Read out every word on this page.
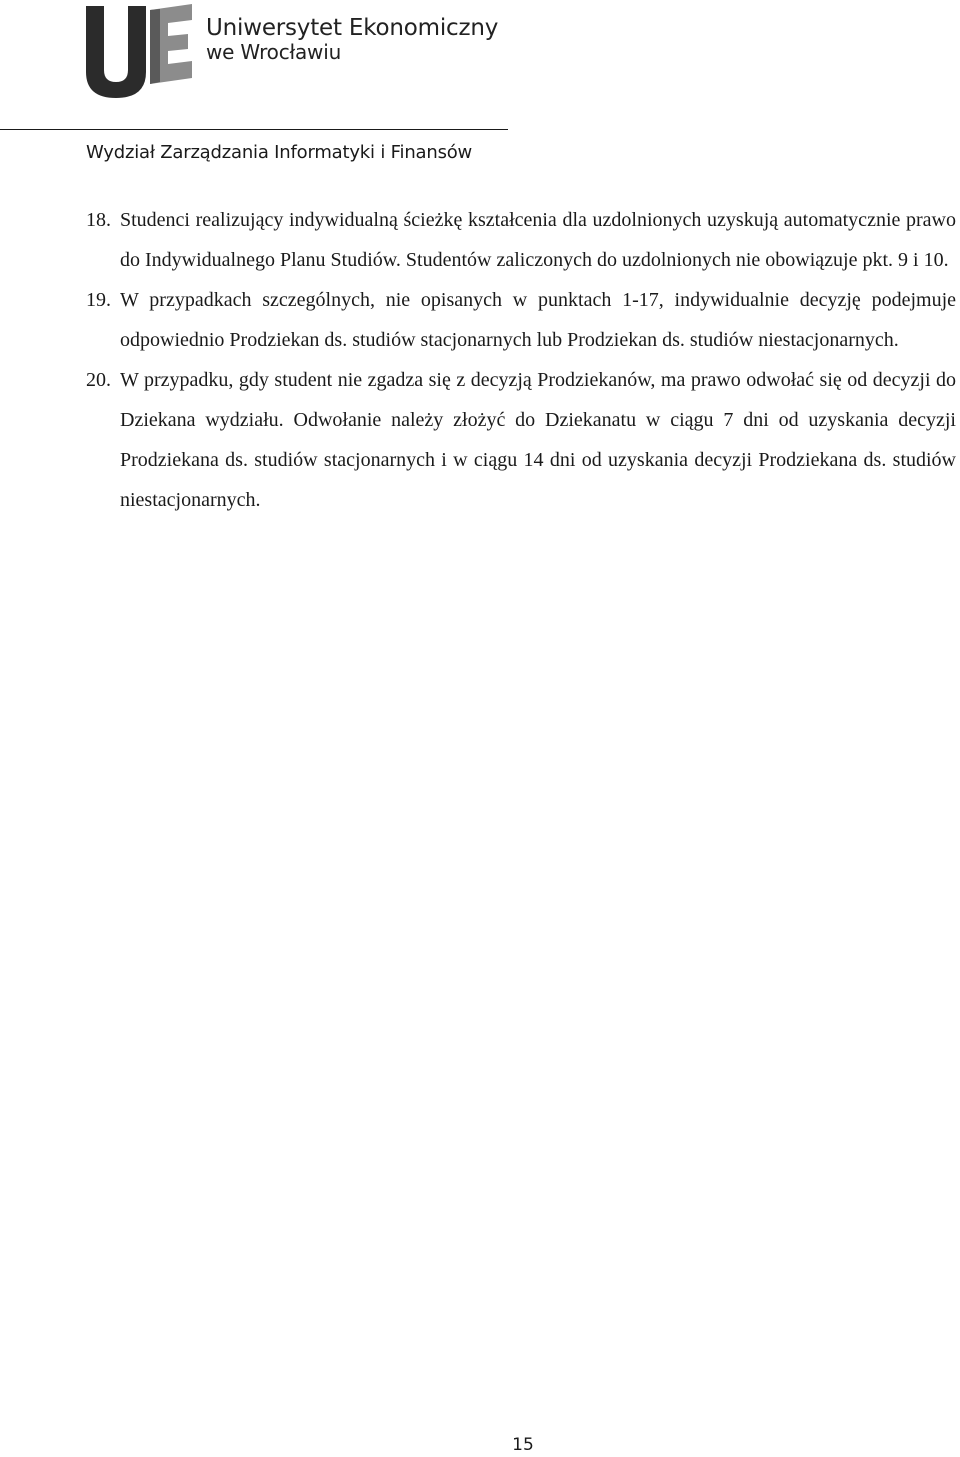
Uniwersytet Ekonomiczny
we Wrocławiu
Wydział Zarządzania Informatyki i Finansów
18. Studenci realizujący indywidualną ścieżkę kształcenia dla uzdolnionych uzyskują automatycznie prawo do Indywidualnego Planu Studiów. Studentów zaliczonych do uzdolnionych nie obowiązuje pkt. 9 i 10.
19. W przypadkach szczególnych, nie opisanych w punktach 1-17, indywidualnie decyzję podejmuje odpowiednio Prodziekan ds. studiów stacjonarnych lub Prodziekan ds. studiów niestacjonarnych.
20. W przypadku, gdy student nie zgadza się z decyzją Prodziekanów, ma prawo odwołać się od decyzji do Dziekana wydziału. Odwołanie należy złożyć do Dziekanatu w ciągu 7 dni od uzyskania decyzji Prodziekana ds. studiów stacjonarnych i w ciągu 14 dni od uzyskania decyzji Prodziekana ds. studiów niestacjonarnych.
15
